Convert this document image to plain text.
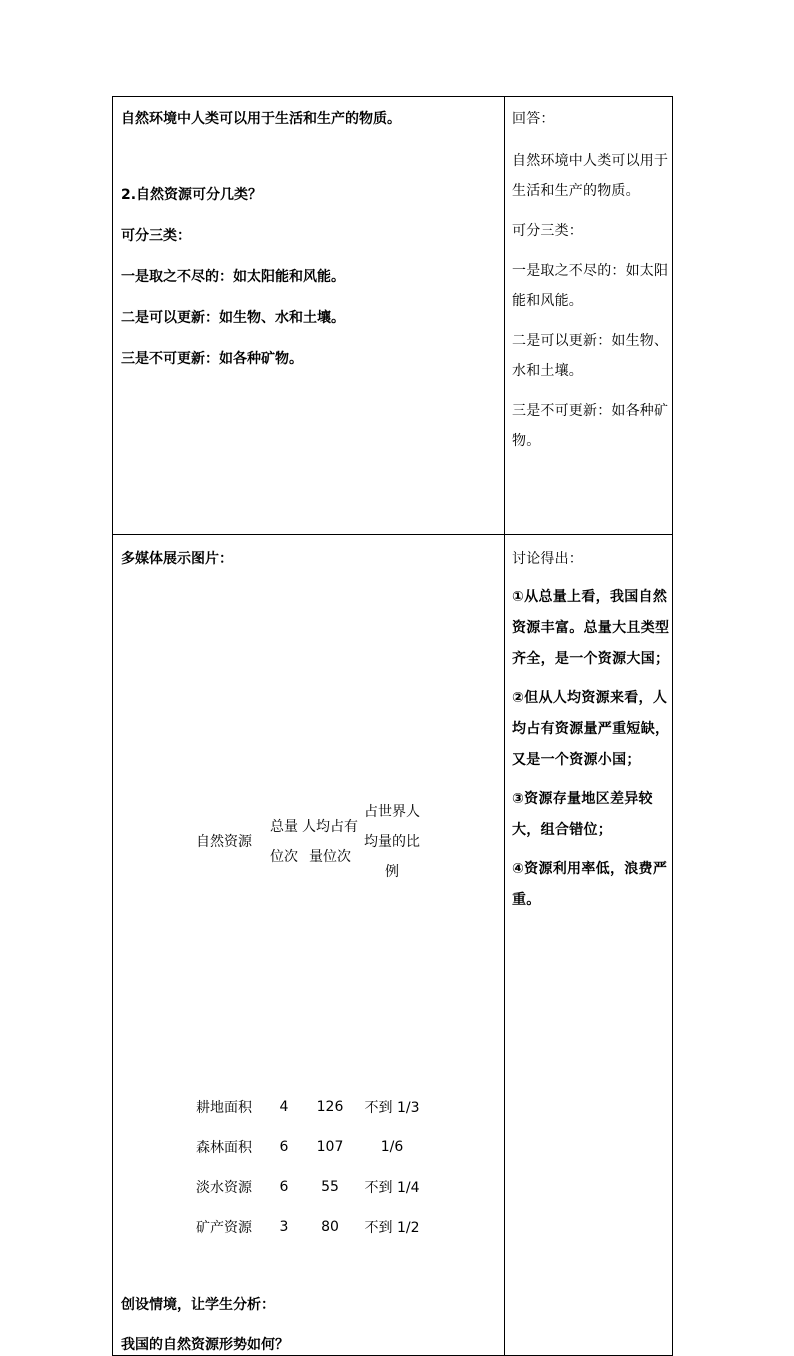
自然环境中人类可以用于生活和生产的物质。

2.自然资源可分几类？

可分三类：

一是取之不尽的：如太阳能和风能。

二是可以更新：如生物、水和土壤。

三是不可更新：如各种矿物。

回答：

自然环境中人类可以用于生活和生产的物质。

可分三类：

一是取之不尽的：如太阳能和风能。

二是可以更新：如生物、水和土壤。

三是不可更新：如各种矿物。

多媒体展示图片：

自然资源	总量位次	人均占有量位次	占世界人均量的比例
耕地面积	4	126	不到 1/3
森林面积	6	107	1/6
淡水资源	6	55	不到 1/4
矿产资源	3	80	不到 1/2

创设情境，让学生分析：

我国的自然资源形势如何？

讨论得出：

①从总量上看，我国自然资源丰富。总量大且类型齐全，是一个资源大国；

②但从人均资源来看，人均占有资源量严重短缺，又是一个资源小国；

③资源存量地区差异较大，组合错位；

④资源利用率低，浪费严重。
